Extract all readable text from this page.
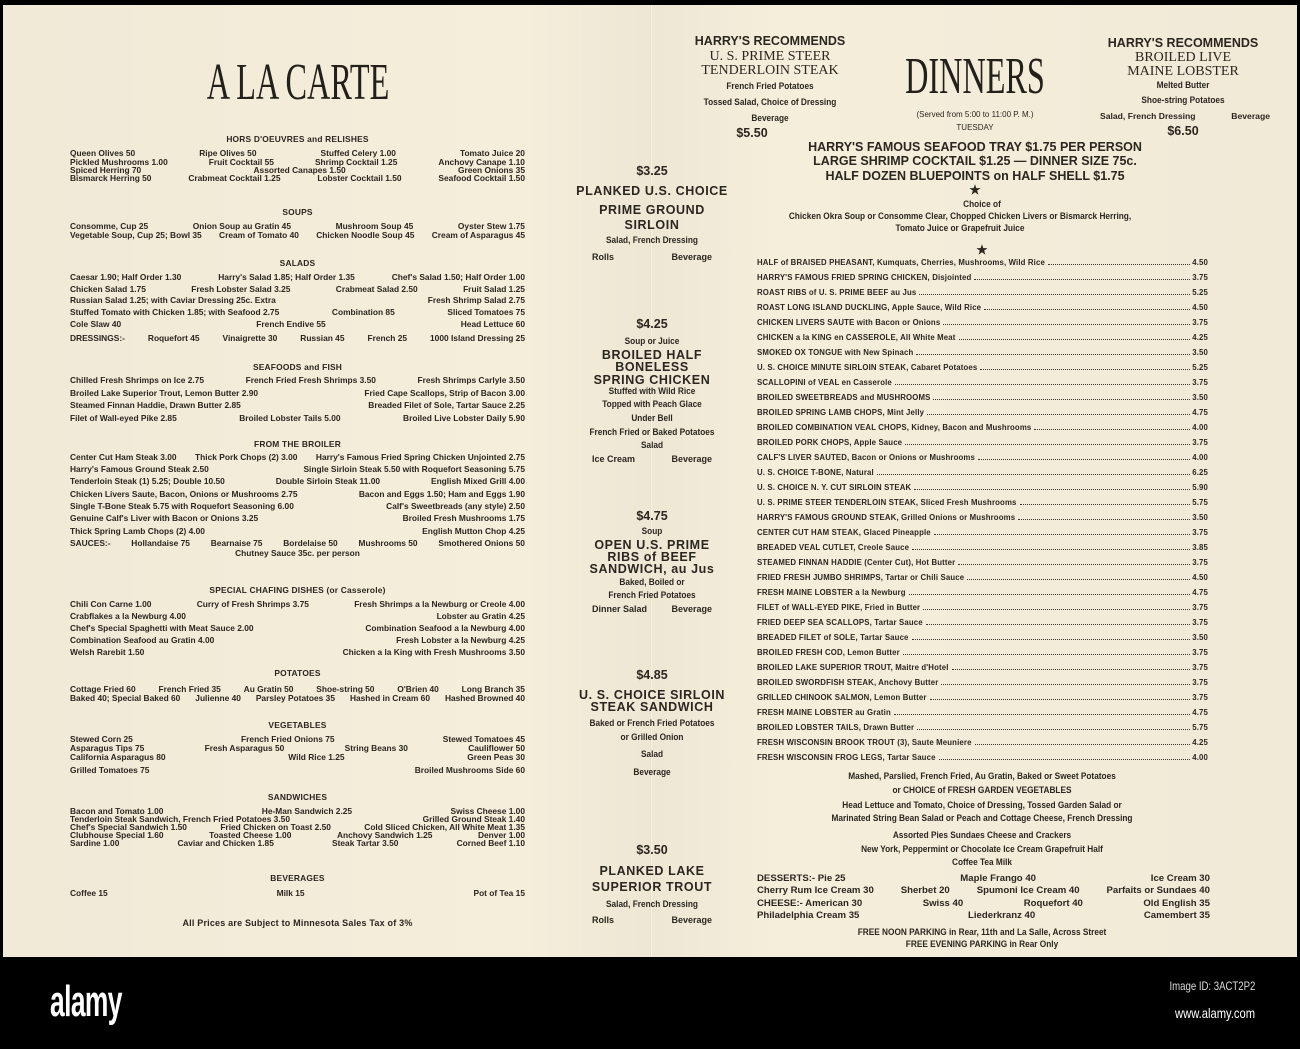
A LA CARTE
HORS D'OEUVRES and RELISHES
Queen Olives 50	Ripe Olives 50	Stuffed Celery 1.00	Tomato Juice 20
Pickled Mushrooms 1.00	Fruit Cocktail 55	Shrimp Cocktail 1.25	Anchovy Canape 1.10
Spiced Herring 70	Assorted Canapes 1.50	Green Onions 35
Bismarck Herring 50	Crabmeat Cocktail 1.25	Lobster Cocktail 1.50	Seafood Cocktail 1.50
SOUPS
Consomme, Cup 25	Onion Soup au Gratin 45	Mushroom Soup 45	Oyster Stew 1.75
Vegetable Soup, Cup 25; Bowl 35 Cream of Tomato 40 Chicken Noodle Soup 45 Cream of Asparagus 45
SALADS
Caesar 1.90; Half Order 1.30	Harry's Salad 1.85; Half Order 1.35	Chef's Salad 1.50; Half Order 1.00
Chicken Salad 1.75	Fresh Lobster Salad 3.25	Crabmeat Salad 2.50	Fruit Salad 1.25
Russian Salad 1.25; with Caviar Dressing 25c. Extra	Fresh Shrimp Salad 2.75
Stuffed Tomato with Chicken 1.85; with Seafood 2.75	Combination 85	Sliced Tomatoes 75
Cole Slaw 40	French Endive 55	Head Lettuce 60
DRESSINGS:-	Roquefort 45	Vinaigrette 30	Russian 45	French 25	1000 Island Dressing 25
SEAFOODS and FISH
Chilled Fresh Shrimps on Ice 2.75	French Fried Fresh Shrimps 3.50	Fresh Shrimps Carlyle 3.50
Broiled Lake Superior Trout, Lemon Butter 2.90	Fried Cape Scallops, Strip of Bacon 3.00
Steamed Finnan Haddie, Drawn Butter 2.85	Breaded Filet of Sole, Tartar Sauce 2.25
Filet of Wall-eyed Pike 2.85	Broiled Lobster Tails 5.00	Broiled Live Lobster Daily 5.90
FROM THE BROILER
Center Cut Ham Steak 3.00 Thick Pork Chops (2) 3.00 Harry's Famous Fried Spring Chicken Unjointed 2.75
Harry's Famous Ground Steak 2.50	Single Sirloin Steak 5.50 with Roquefort Seasoning 5.75
Tenderloin Steak (1) 5.25; Double 10.50	Double Sirloin Steak 11.00	English Mixed Grill 4.00
Chicken Livers Saute, Bacon, Onions or Mushrooms 2.75	Bacon and Eggs 1.50; Ham and Eggs 1.90
Single T-Bone Steak 5.75 with Roquefort Seasoning 6.00	Calf's Sweetbreads (any style) 2.50
Genuine Calf's Liver with Bacon or Onions 3.25	Broiled Fresh Mushrooms 1.75
Thick Spring Lamb Chops (2) 4.00	English Mutton Chop 4.25
SAUCES:- Hollandaise 75 Bearnaise 75 Bordelaise 50 Mushrooms 50 Smothered Onions 50
Chutney Sauce 35c. per person
SPECIAL CHAFING DISHES (or Casserole)
Chili Con Carne 1.00	Curry of Fresh Shrimps 3.75	Fresh Shrimps a la Newburg or Creole 4.00
Crabflakes a la Newburg 4.00	Lobster au Gratin 4.25
Chef's Special Spaghetti with Meat Sauce 2.00	Combination Seafood a la Newburg 4.00
Combination Seafood au Gratin 4.00	Fresh Lobster a la Newburg 4.25
Welsh Rarebit 1.50	Chicken a la King with Fresh Mushrooms 3.50
POTATOES
Cottage Fried 60	French Fried 35	Au Gratin 50	Shoe-string 50	O'Brien 40	Long Branch 35
Baked 40; Special Baked 60 Julienne 40 Parsley Potatoes 35 Hashed in Cream 60 Hashed Browned 40
VEGETABLES
Stewed Corn 25	French Fried Onions 75	Stewed Tomatoes 45
Asparagus Tips 75	Fresh Asparagus 50	String Beans 30	Cauliflower 50
California Asparagus 80	Wild Rice 1.25	Green Peas 30
Grilled Tomatoes 75	Broiled Mushrooms Side 60
SANDWICHES
Bacon and Tomato 1.00	He-Man Sandwich 2.25	Swiss Cheese 1.00
Tenderloin Steak Sandwich, French Fried Potatoes 3.50	Grilled Ground Steak 1.40
Chef's Special Sandwich 1.50	Fried Chicken on Toast 2.50	Cold Sliced Chicken, All White Meat 1.35
Clubhouse Special 1.60	Toasted Cheese 1.00	Anchovy Sandwich 1.25	Denver 1.00
Sardine 1.00	Caviar and Chicken 1.85	Steak Tartar 3.50	Corned Beef 1.10
BEVERAGES
Coffee 15	Milk 15	Pot of Tea 15
All Prices are Subject to Minnesota Sales Tax of 3%
HARRY'S RECOMMENDS
U. S. PRIME STEER
TENDERLOIN STEAK
French Fried Potatoes
Tossed Salad, Choice of Dressing
Beverage
$5.50
DINNERS
(Served from 5:00 to 11:00 P. M.)
TUESDAY
HARRY'S RECOMMENDS
BROILED LIVE
MAINE LOBSTER
Melted Butter
Shoe-string Potatoes
Salad, French Dressing	Beverage
$6.50
HARRY'S FAMOUS SEAFOOD TRAY $1.75 PER PERSON
LARGE SHRIMP COCKTAIL $1.25 — DINNER SIZE 75c.
HALF DOZEN BLUEPOINTS on HALF SHELL $1.75
★
Choice of
Chicken Okra Soup or Consomme Clear, Chopped Chicken Livers or Bismarck Herring,
Tomato Juice or Grapefruit Juice
★
HALF of BRAISED PHEASANT, Kumquats, Cherries, Mushrooms, Wild Rice	4.50
HARRY'S FAMOUS FRIED SPRING CHICKEN, Disjointed	3.75
ROAST RIBS of U. S. PRIME BEEF au Jus	5.25
ROAST LONG ISLAND DUCKLING, Apple Sauce, Wild Rice	4.50
CHICKEN LIVERS SAUTE with Bacon or Onions	3.75
CHICKEN a la KING en CASSEROLE, All White Meat	4.25
SMOKED OX TONGUE with New Spinach	3.50
U. S. CHOICE MINUTE SIRLOIN STEAK, Cabaret Potatoes	5.25
SCALLOPINI of VEAL en Casserole	3.75
BROILED SWEETBREADS and MUSHROOMS	3.50
BROILED SPRING LAMB CHOPS, Mint Jelly	4.75
BROILED COMBINATION VEAL CHOPS, Kidney, Bacon and Mushrooms	4.00
BROILED PORK CHOPS, Apple Sauce	3.75
CALF'S LIVER SAUTED, Bacon or Onions or Mushrooms	4.00
U. S. CHOICE T-BONE, Natural	6.25
U. S. CHOICE N. Y. CUT SIRLOIN STEAK	5.90
U. S. PRIME STEER TENDERLOIN STEAK, Sliced Fresh Mushrooms	5.75
HARRY'S FAMOUS GROUND STEAK, Grilled Onions or Mushrooms	3.50
CENTER CUT HAM STEAK, Glaced Pineapple	3.75
BREADED VEAL CUTLET, Creole Sauce	3.85
STEAMED FINNAN HADDIE (Center Cut), Hot Butter	3.75
FRIED FRESH JUMBO SHRIMPS, Tartar or Chili Sauce	4.50
FRESH MAINE LOBSTER a la Newburg	4.75
FILET of WALL-EYED PIKE, Fried in Butter	3.75
FRIED DEEP SEA SCALLOPS, Tartar Sauce	3.75
BREADED FILET of SOLE, Tartar Sauce	3.50
BROILED FRESH COD, Lemon Butter	3.75
BROILED LAKE SUPERIOR TROUT, Maitre d'Hotel	3.75
BROILED SWORDFISH STEAK, Anchovy Butter	3.75
GRILLED CHINOOK SALMON, Lemon Butter	3.75
FRESH MAINE LOBSTER au Gratin	4.75
BROILED LOBSTER TAILS, Drawn Butter	5.75
FRESH WISCONSIN BROOK TROUT (3), Saute Meuniere	4.25
FRESH WISCONSIN FROG LEGS, Tartar Sauce	4.00
Mashed, Parslied, French Fried, Au Gratin, Baked or Sweet Potatoes
or CHOICE of FRESH GARDEN VEGETABLES
Head Lettuce and Tomato, Choice of Dressing, Tossed Garden Salad or
Marinated String Bean Salad or Peach and Cottage Cheese, French Dressing
Assorted Pies Sundaes Cheese and Crackers
New York, Peppermint or Chocolate Ice Cream Grapefruit Half
Coffee Tea Milk
DESSERTS:- Pie 25	Maple Frango 40	Ice Cream 30
Cherry Rum Ice Cream 30	Sherbet 20	Spumoni Ice Cream 40	Parfaits or Sundaes 40
CHEESE:- American 30	Swiss 40	Roquefort 40	Old English 35
Philadelphia Cream 35	Liederkranz 40	Camembert 35
FREE NOON PARKING in Rear, 11th and La Salle, Across Street
FREE EVENING PARKING in Rear Only
$3.25
PLANKED U.S. CHOICE
PRIME GROUND
SIRLOIN
Salad, French Dressing
Rolls	Beverage
$4.25
Soup or Juice
BROILED HALF
BONELESS
SPRING CHICKEN
Stuffed with Wild Rice
Topped with Peach Glace
Under Bell
French Fried or Baked Potatoes
Salad
Ice Cream	Beverage
$4.75
Soup
OPEN U.S. PRIME
RIBS of BEEF
SANDWICH, au Jus
Baked, Boiled or
French Fried Potatoes
Dinner Salad	Beverage
$4.85
U. S. CHOICE SIRLOIN
STEAK SANDWICH
Baked or French Fried Potatoes
or Grilled Onion
Salad
Beverage
$3.50
PLANKED LAKE
SUPERIOR TROUT
Salad, French Dressing
Rolls	Beverage
alamy	Image ID: 3ACT2P2
www.alamy.com
